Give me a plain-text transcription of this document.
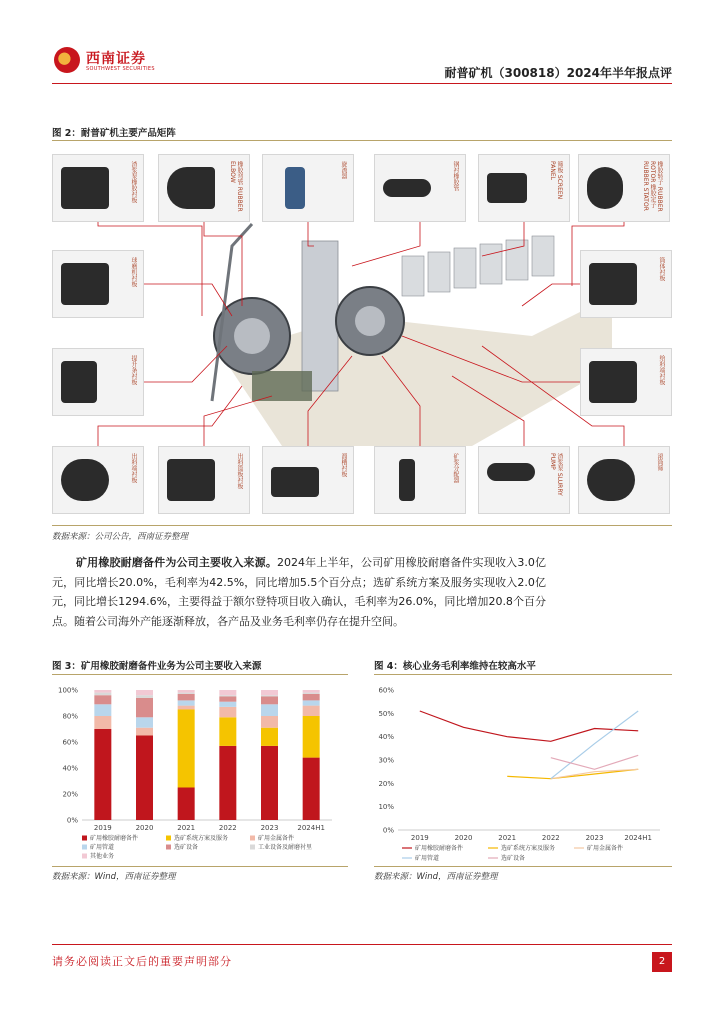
西南证券
SOUTHWEST SECURITIES	耐普矿机（300818）2024年半年报点评
图 2：耐普矿机主要产品矩阵
渣浆泵橡胶衬板	橡胶弯管 RUBBER ELBOW	旋流器	钢衬橡胶管	筛板 SCREEN PANEL	橡胶转子 RUBBER ROTOR 橡胶定子 RUBBER STATOR
球磨机衬板
提升条衬板
筒体衬板
给料端衬板
出料端衬板	出料篦板衬板	溜槽衬板	矿浆分配器	渣浆泵 SLURRY PUMP	滚筒筛
数据来源：公司公告，西南证券整理
矿用橡胶耐磨备件为公司主要收入来源。2024年上半年，公司矿用橡胶耐磨备件实现收入3.0亿元，同比增长20.0%，毛利率为42.5%，同比增加5.5个百分点；选矿系统方案及服务实现收入2.0亿元，同比增长1294.6%，主要得益于额尔登特项目收入确认，毛利率为26.0%，同比增加20.8个百分点。随着公司海外产能逐渐释放，各产品及业务毛利率仍存在提升空间。
图 3：矿用橡胶耐磨备件业务为公司主要收入来源
0%
20%
40%
60%
80%
100%
2019	2020	2021	2022	2023	2024H1
矿用橡胶耐磨备件	选矿系统方案及服务	矿用金属备件
矿用管道	选矿设备	工业设备及耐磨衬里
其他业务
数据来源：Wind，西南证券整理
图 4：核心业务毛利率维持在较高水平
0%
10%
20%
30%
40%
50%
60%
2019	2020	2021	2022	2023	2024H1
矿用橡胶耐磨备件	选矿系统方案及服务	矿用金属备件
矿用管道	选矿设备
数据来源：Wind，西南证券整理
请务必阅读正文后的重要声明部分	2
